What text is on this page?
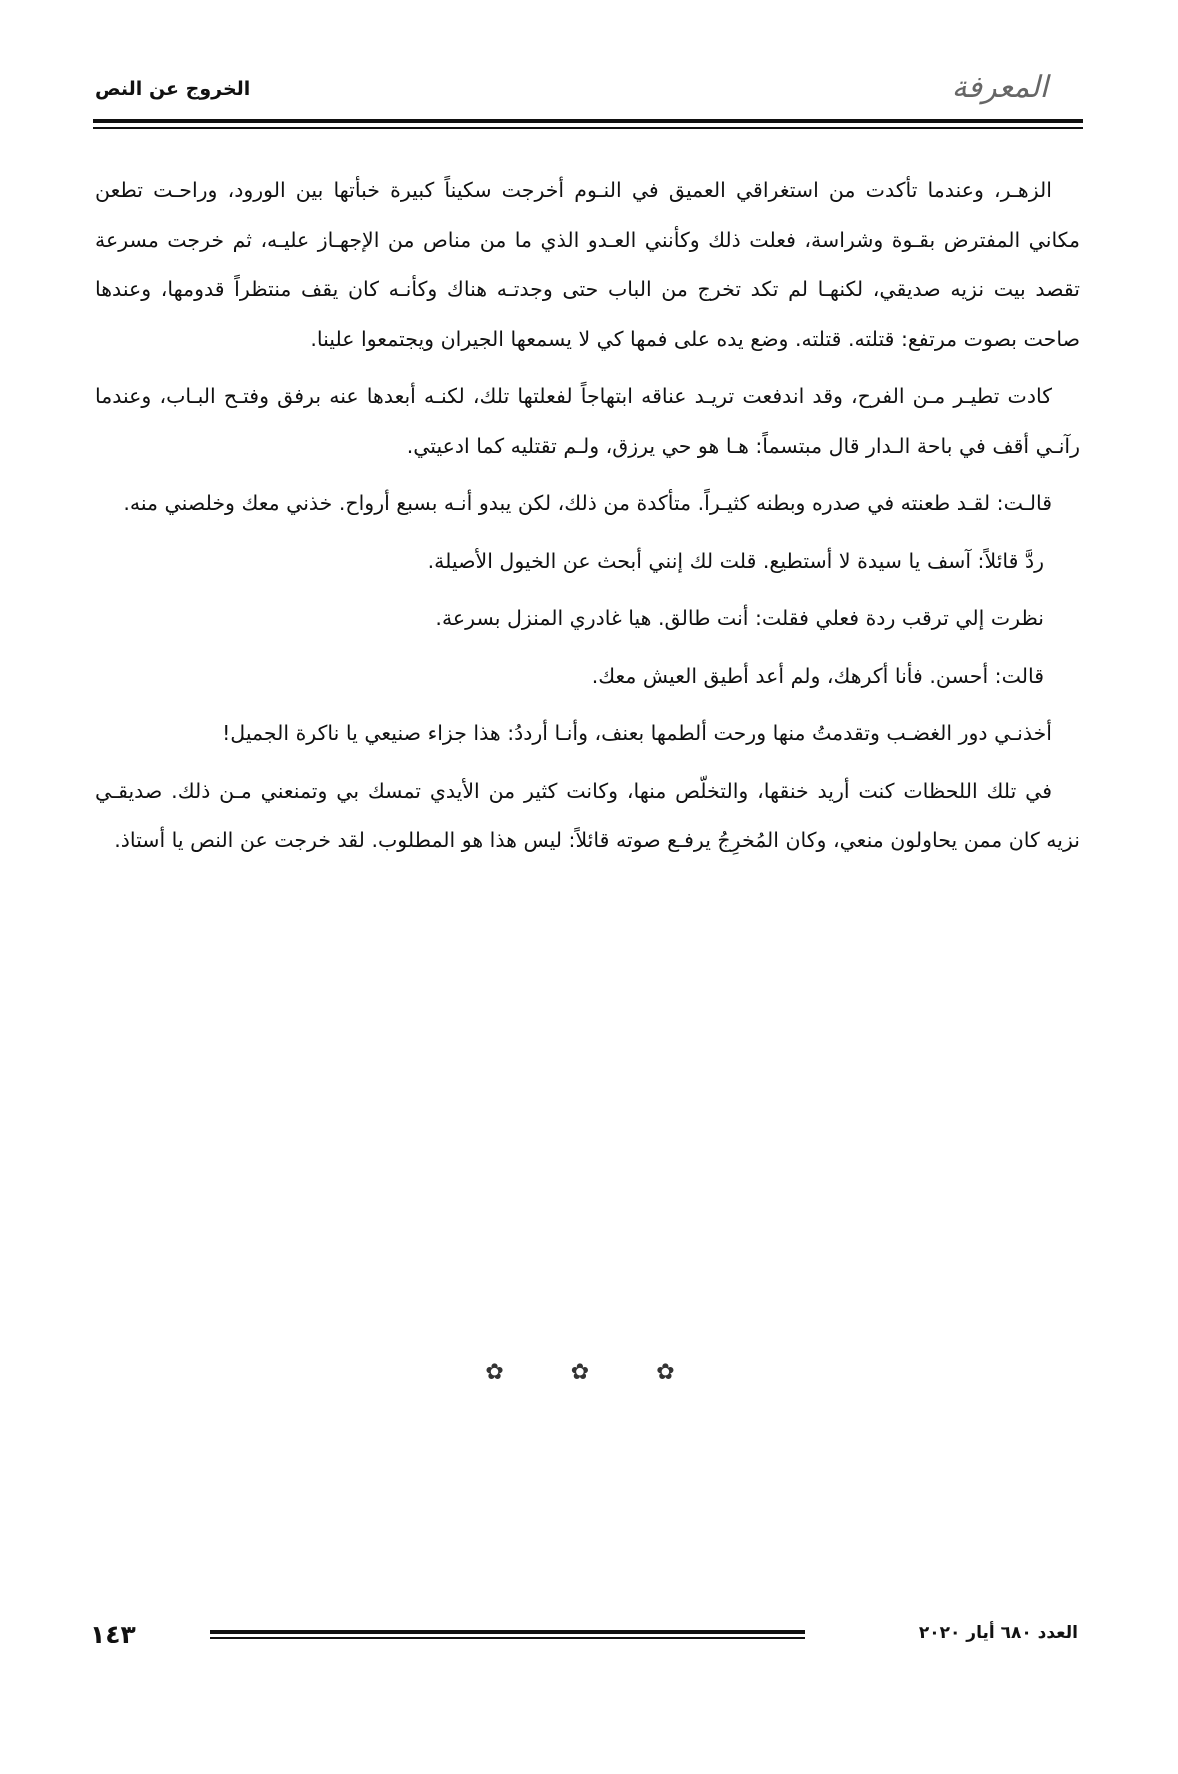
المعرفة
الخروج عن النص

الزهـر، وعندما تأكدت من استغراقي العميق في النـوم أخرجت سكيناً كبيرة خبأتها بين الورود، وراحـت تطعن مكاني المفترض بقـوة وشراسة، فعلت ذلك وكأنني العـدو الذي ما من مناص من الإجهـاز عليـه، ثم خرجت مسرعة تقصد بيت نزيه صديقي، لكنهـا لم تكد تخرج من الباب حتى وجدتـه هناك وكأنـه كان يقف منتظراً قدومها، وعندها صاحت بصوت مرتفع: قتلته. قتلته. وضع يده على فمها كي لا يسمعها الجيران ويجتمعوا علينا.

كادت تطيـر مـن الفرح، وقد اندفعت تريـد عناقه ابتهاجاً لفعلتها تلك، لكنـه أبعدها عنه برفق وفتـح البـاب، وعندما رآنـي أقف في باحة الـدار قال مبتسماً: هـا هو حي يرزق، ولـم تقتليه كما ادعيتي.

قالـت: لقـد طعنته في صدره وبطنه كثيـراً. متأكدة من ذلك، لكن يبدو أنـه بسبع أرواح. خذني معك وخلصني منه.

ردَّ قائلاً: آسف يا سيدة لا أستطيع. قلت لك إنني أبحث عن الخيول الأصيلة.

نظرت إلي ترقب ردة فعلي فقلت: أنت طالق. هيا غادري المنزل بسرعة.

قالت: أحسن. فأنا أكرهك، ولم أعد أطيق العيش معك.

أخذنـي دور الغضـب وتقدمتُ منها ورحت ألطمها بعنف، وأنـا أرددُ: هذا جزاء صنيعي يا ناكرة الجميل!

في تلك اللحظات كنت أريد خنقها، والتخلّص منها، وكانت كثير من الأيدي تمسك بي وتمنعني مـن ذلك. صديقـي نزيه كان ممن يحاولون منعي، وكان المُخرِجُ يرفـع صوته قائلاً: ليس هذا هو المطلوب. لقد خرجت عن النص يا أستاذ.

✿ ✿ ✿
١٤٣	العدد ٦٨٠ أيار ٢٠٢٠
